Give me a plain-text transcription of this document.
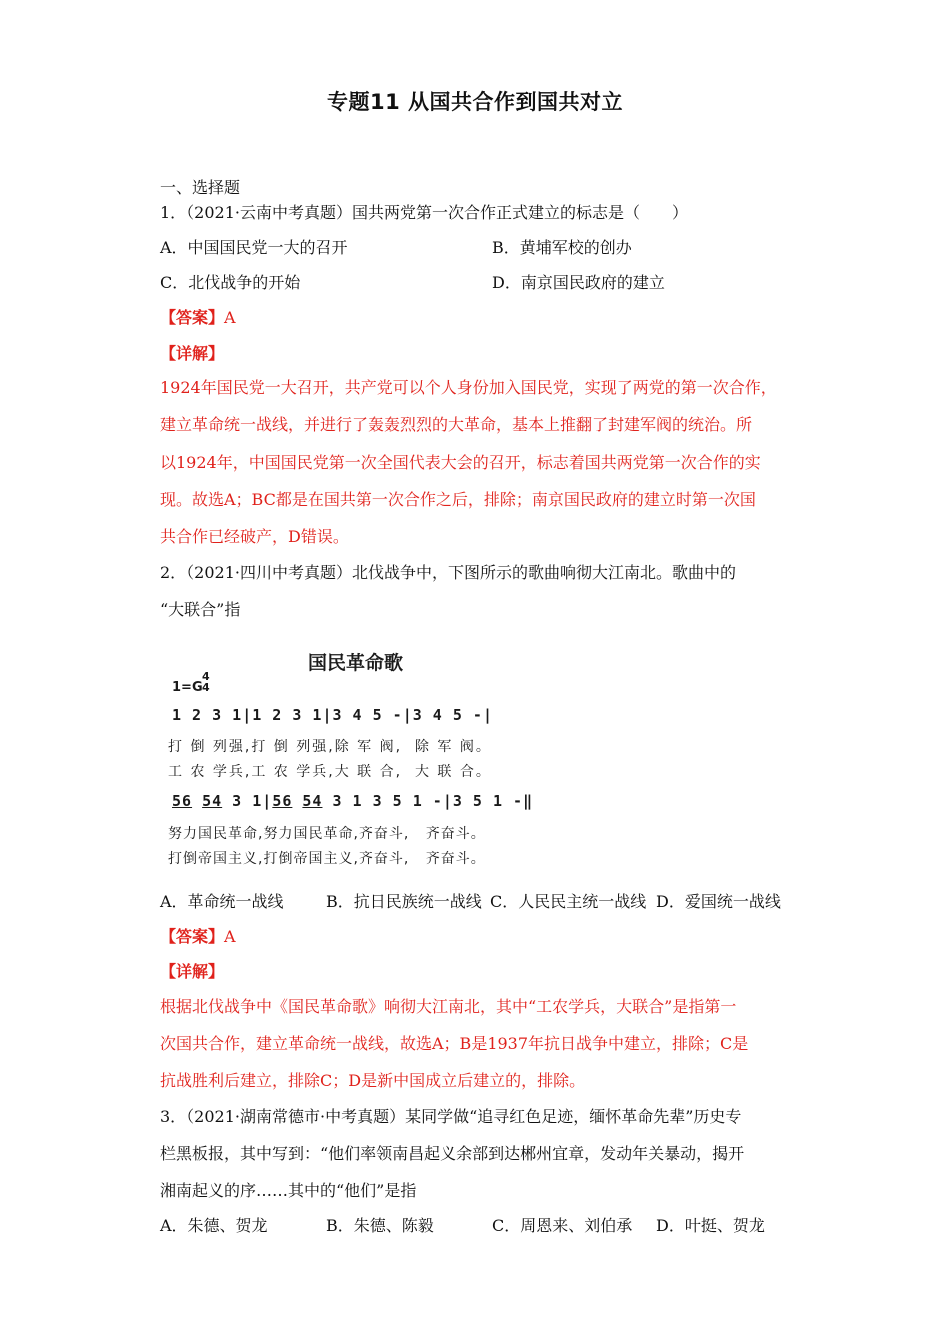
专题11 从国共合作到国共对立
一、选择题
1．（2021·云南中考真题）国共两党第一次合作正式建立的标志是（　　）
A．中国国民党一大的召开	B．黄埔军校的创办
C．北伐战争的开始	D．南京国民政府的建立
【答案】A
【详解】
1924年国民党一大召开，共产党可以个人身份加入国民党，实现了两党的第一次合作，
建立革命统一战线，并进行了轰轰烈烈的大革命，基本上推翻了封建军阀的统治。所
以1924年，中国国民党第一次全国代表大会的召开，标志着国共两党第一次合作的实
现。故选A；BC都是在国共第一次合作之后，排除；南京国民政府的建立时第一次国
共合作已经破产，D错误。
2．（2021·四川中考真题）北伐战争中，下图所示的歌曲响彻大江南北。歌曲中的
“大联合”指
国民革命歌
1=G
4
4
1 2 3 1|1 2 3 1|3 4 5 -|3 4 5 -|
打 倒 列强,打 倒 列强,除 军 阀,  除 军 阀。
工 农 学兵,工 农 学兵,大 联 合,  大 联 合。
56 54 3 1|56 54 3 1 3 5 1 -|3 5 1 -‖
努力国民革命,努力国民革命,齐奋斗,   齐奋斗。
打倒帝国主义,打倒帝国主义,齐奋斗,   齐奋斗。
A．革命统一战线	B．抗日民族统一战线 C．人民民主统一战线 D．爱国统一战线
【答案】A
【详解】
根据北伐战争中《国民革命歌》响彻大江南北，其中“工农学兵，大联合”是指第一
次国共合作，建立革命统一战线，故选A；B是1937年抗日战争中建立，排除；C是
抗战胜利后建立，排除C；D是新中国成立后建立的，排除。
3．（2021·湖南常德市·中考真题）某同学做“追寻红色足迹，缅怀革命先辈”历史专
栏黑板报，其中写到：“他们率领南昌起义余部到达郴州宜章，发动年关暴动，揭开
湘南起义的序……其中的“他们”是指
A．朱德、贺龙	B．朱德、陈毅	C．周恩来、刘伯承 D．叶挺、贺龙
